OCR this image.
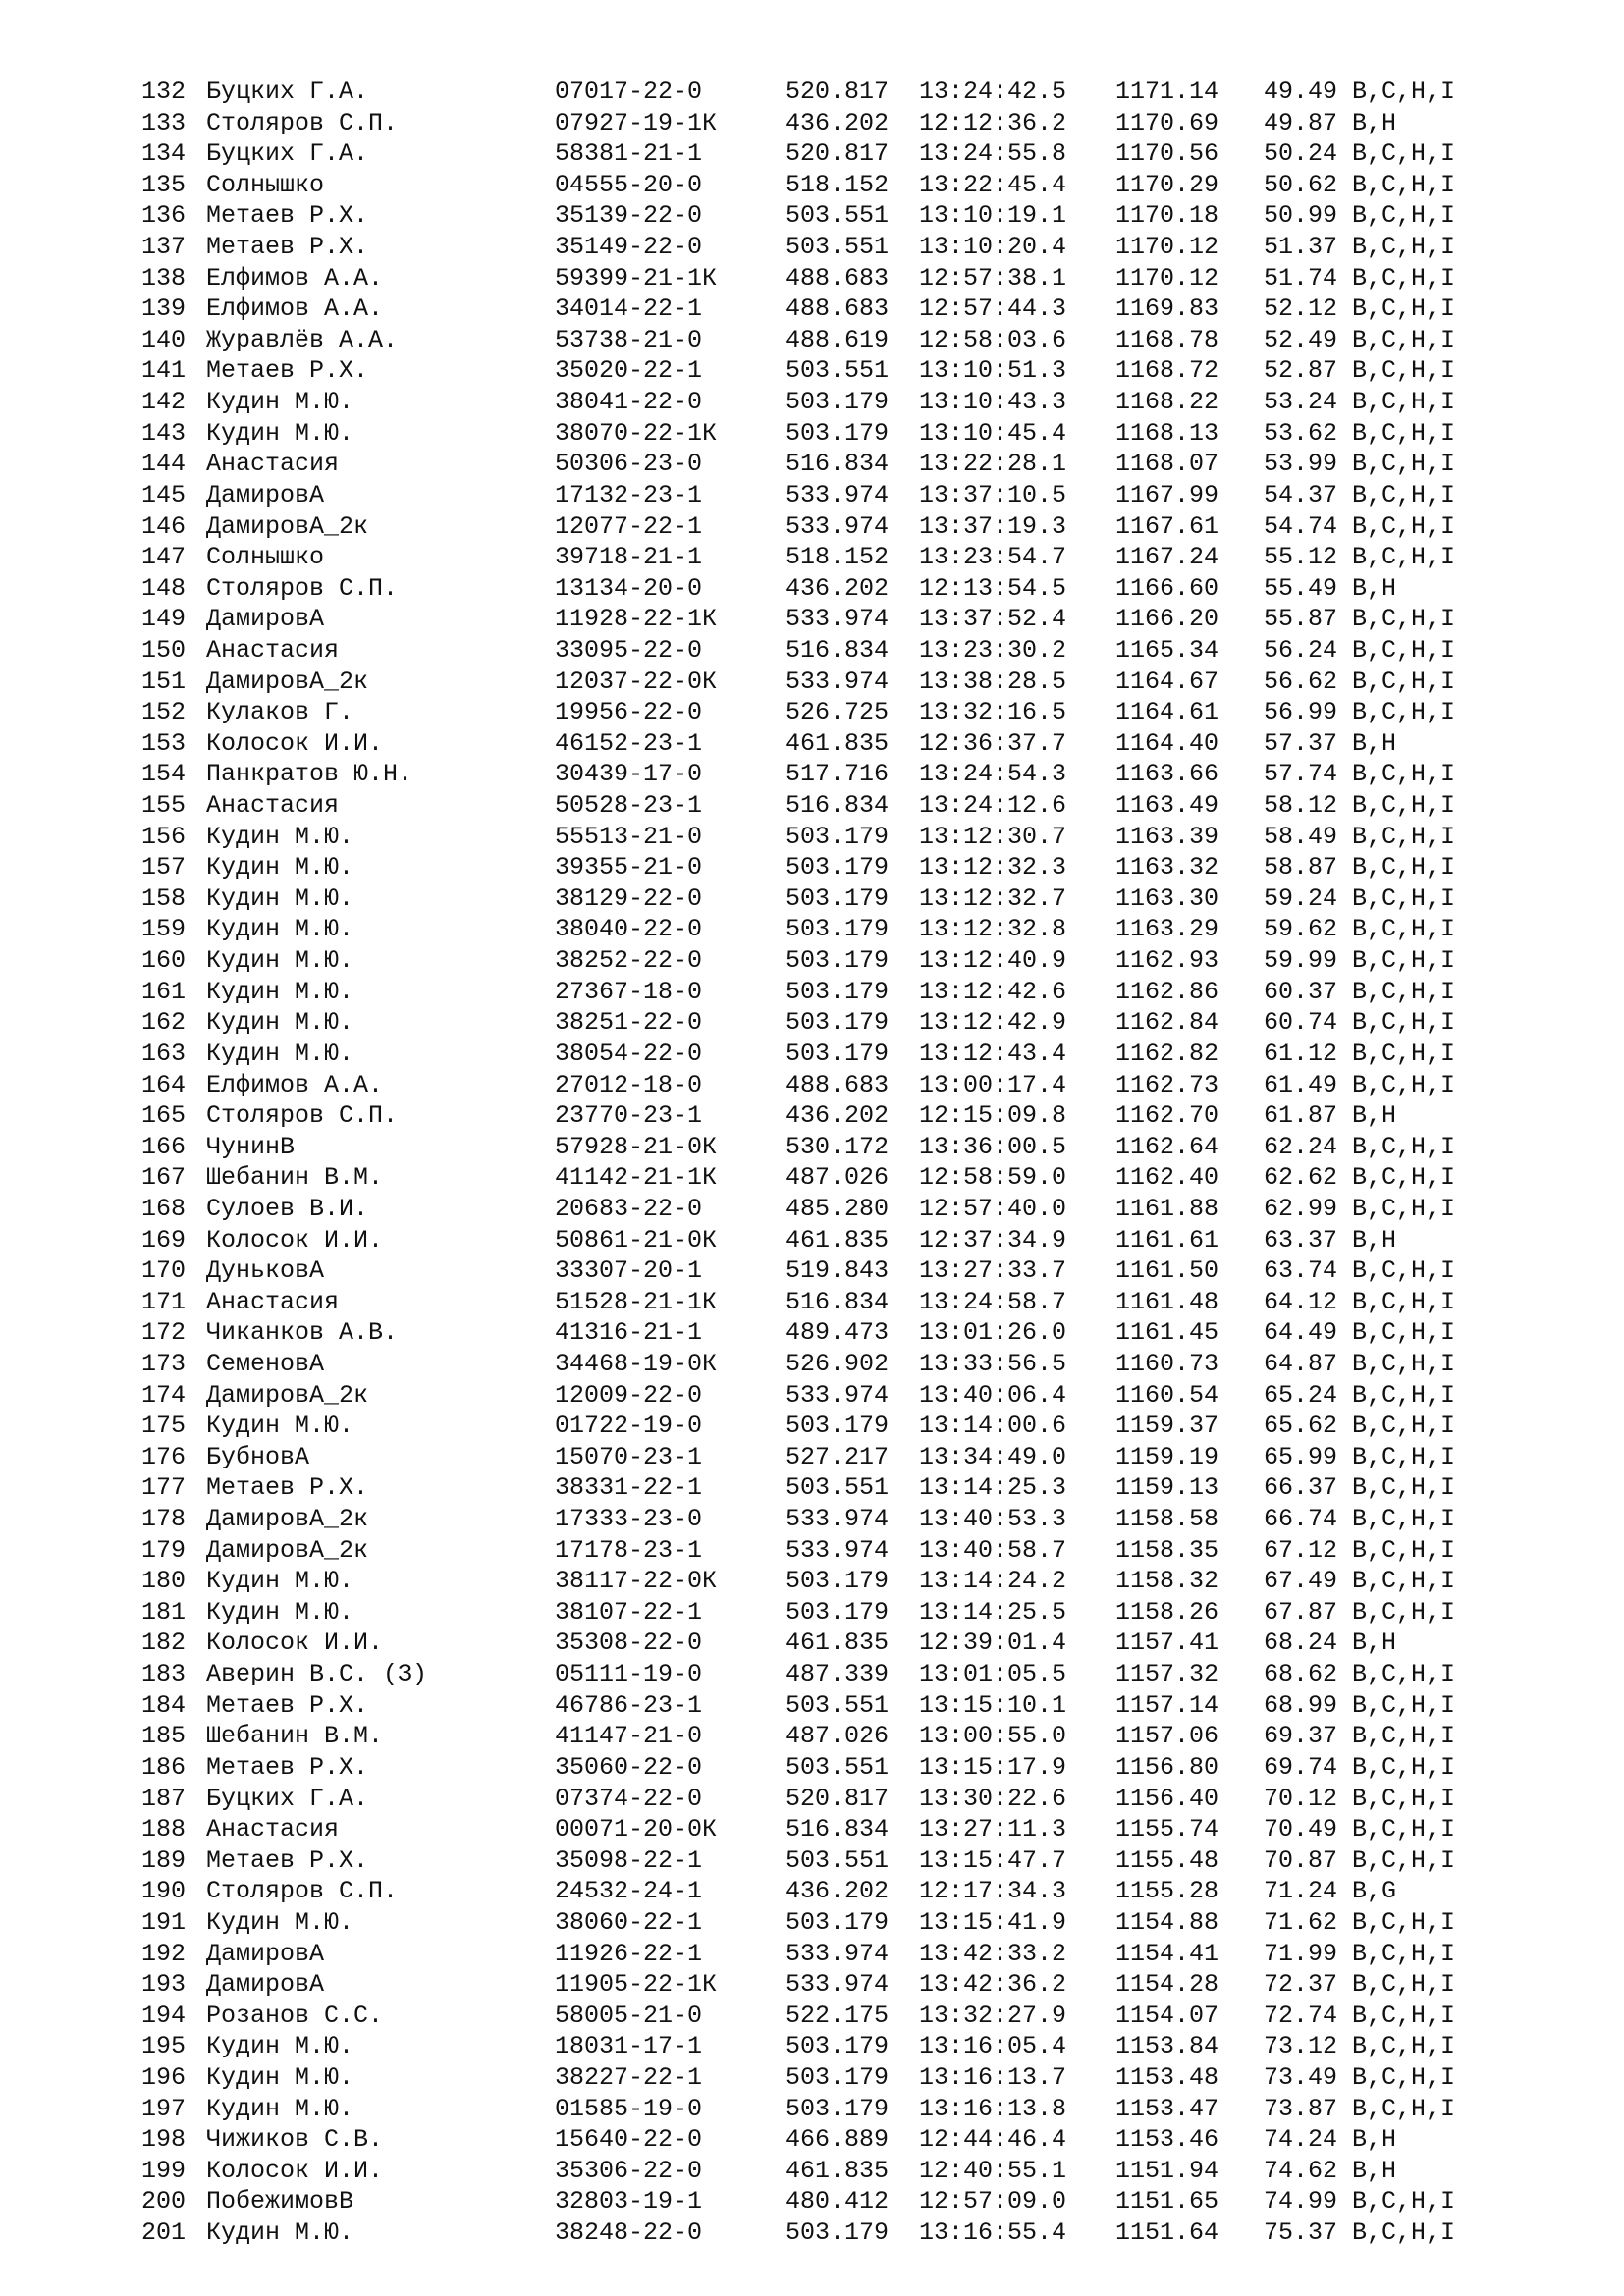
132 Буцких Г.А.	07017-22-0	520.817 13:24:42.5 1171.14 49.49 B,C,H,I
133 Столяров С.П.	07927-19-1К	436.202 12:12:36.2 1170.69 49.87 B,H
134 Буцких Г.А.	58381-21-1	520.817 13:24:55.8 1170.56 50.24 B,C,H,I
135 Солнышко	04555-20-0	518.152 13:22:45.4 1170.29 50.62 B,C,H,I
136 Метаев Р.Х.	35139-22-0	503.551 13:10:19.1 1170.18 50.99 B,C,H,I
137 Метаев Р.Х.	35149-22-0	503.551 13:10:20.4 1170.12 51.37 B,C,H,I
138 Елфимов А.А.	59399-21-1К	488.683 12:57:38.1 1170.12 51.74 B,C,H,I
139 Елфимов А.А.	34014-22-1	488.683 12:57:44.3 1169.83 52.12 B,C,H,I
140 Журавлёв А.А.	53738-21-0	488.619 12:58:03.6 1168.78 52.49 B,C,H,I
141 Метаев Р.Х.	35020-22-1	503.551 13:10:51.3 1168.72 52.87 B,C,H,I
142 Кудин М.Ю.	38041-22-0	503.179 13:10:43.3 1168.22 53.24 B,C,H,I
143 Кудин М.Ю.	38070-22-1К	503.179 13:10:45.4 1168.13 53.62 B,C,H,I
144 Анастасия	50306-23-0	516.834 13:22:28.1 1168.07 53.99 B,C,H,I
145 ДамировА	17132-23-1	533.974 13:37:10.5 1167.99 54.37 B,C,H,I
146 ДамировА_2к	12077-22-1	533.974 13:37:19.3 1167.61 54.74 B,C,H,I
147 Солнышко	39718-21-1	518.152 13:23:54.7 1167.24 55.12 B,C,H,I
148 Столяров С.П.	13134-20-0	436.202 12:13:54.5 1166.60 55.49 B,H
149 ДамировА	11928-22-1К	533.974 13:37:52.4 1166.20 55.87 B,C,H,I
150 Анастасия	33095-22-0	516.834 13:23:30.2 1165.34 56.24 B,C,H,I
151 ДамировА_2к	12037-22-0К	533.974 13:38:28.5 1164.67 56.62 B,C,H,I
152 Кулаков Г.	19956-22-0	526.725 13:32:16.5 1164.61 56.99 B,C,H,I
153 Колосок И.И.	46152-23-1	461.835 12:36:37.7 1164.40 57.37 B,H
154 Панкратов Ю.Н.	30439-17-0	517.716 13:24:54.3 1163.66 57.74 B,C,H,I
155 Анастасия	50528-23-1	516.834 13:24:12.6 1163.49 58.12 B,C,H,I
156 Кудин М.Ю.	55513-21-0	503.179 13:12:30.7 1163.39 58.49 B,C,H,I
157 Кудин М.Ю.	39355-21-0	503.179 13:12:32.3 1163.32 58.87 B,C,H,I
158 Кудин М.Ю.	38129-22-0	503.179 13:12:32.7 1163.30 59.24 B,C,H,I
159 Кудин М.Ю.	38040-22-0	503.179 13:12:32.8 1163.29 59.62 B,C,H,I
160 Кудин М.Ю.	38252-22-0	503.179 13:12:40.9 1162.93 59.99 B,C,H,I
161 Кудин М.Ю.	27367-18-0	503.179 13:12:42.6 1162.86 60.37 B,C,H,I
162 Кудин М.Ю.	38251-22-0	503.179 13:12:42.9 1162.84 60.74 B,C,H,I
163 Кудин М.Ю.	38054-22-0	503.179 13:12:43.4 1162.82 61.12 B,C,H,I
164 Елфимов А.А.	27012-18-0	488.683 13:00:17.4 1162.73 61.49 B,C,H,I
165 Столяров С.П.	23770-23-1	436.202 12:15:09.8 1162.70 61.87 B,H
166 ЧунинВ	57928-21-0К	530.172 13:36:00.5 1162.64 62.24 B,C,H,I
167 Шебанин В.М.	41142-21-1К	487.026 12:58:59.0 1162.40 62.62 B,C,H,I
168 Сулоев В.И.	20683-22-0	485.280 12:57:40.0 1161.88 62.99 B,C,H,I
169 Колосок И.И.	50861-21-0К	461.835 12:37:34.9 1161.61 63.37 B,H
170 ДуньковА	33307-20-1	519.843 13:27:33.7 1161.50 63.74 B,C,H,I
171 Анастасия	51528-21-1К	516.834 13:24:58.7 1161.48 64.12 B,C,H,I
172 Чиканков А.В.	41316-21-1	489.473 13:01:26.0 1161.45 64.49 B,C,H,I
173 СеменовА	34468-19-0К	526.902 13:33:56.5 1160.73 64.87 B,C,H,I
174 ДамировА_2к	12009-22-0	533.974 13:40:06.4 1160.54 65.24 B,C,H,I
175 Кудин М.Ю.	01722-19-0	503.179 13:14:00.6 1159.37 65.62 B,C,H,I
176 БубновА	15070-23-1	527.217 13:34:49.0 1159.19 65.99 B,C,H,I
177 Метаев Р.Х.	38331-22-1	503.551 13:14:25.3 1159.13 66.37 B,C,H,I
178 ДамировА_2к	17333-23-0	533.974 13:40:53.3 1158.58 66.74 B,C,H,I
179 ДамировА_2к	17178-23-1	533.974 13:40:58.7 1158.35 67.12 B,C,H,I
180 Кудин М.Ю.	38117-22-0К	503.179 13:14:24.2 1158.32 67.49 B,C,H,I
181 Кудин М.Ю.	38107-22-1	503.179 13:14:25.5 1158.26 67.87 B,C,H,I
182 Колосок И.И.	35308-22-0	461.835 12:39:01.4 1157.41 68.24 B,H
183 Аверин В.С. (З)	05111-19-0	487.339 13:01:05.5 1157.32 68.62 B,C,H,I
184 Метаев Р.Х.	46786-23-1	503.551 13:15:10.1 1157.14 68.99 B,C,H,I
185 Шебанин В.М.	41147-21-0	487.026 13:00:55.0 1157.06 69.37 B,C,H,I
186 Метаев Р.Х.	35060-22-0	503.551 13:15:17.9 1156.80 69.74 B,C,H,I
187 Буцких Г.А.	07374-22-0	520.817 13:30:22.6 1156.40 70.12 B,C,H,I
188 Анастасия	00071-20-0К	516.834 13:27:11.3 1155.74 70.49 B,C,H,I
189 Метаев Р.Х.	35098-22-1	503.551 13:15:47.7 1155.48 70.87 B,C,H,I
190 Столяров С.П.	24532-24-1	436.202 12:17:34.3 1155.28 71.24 B,G
191 Кудин М.Ю.	38060-22-1	503.179 13:15:41.9 1154.88 71.62 B,C,H,I
192 ДамировА	11926-22-1	533.974 13:42:33.2 1154.41 71.99 B,C,H,I
193 ДамировА	11905-22-1К	533.974 13:42:36.2 1154.28 72.37 B,C,H,I
194 Розанов С.С.	58005-21-0	522.175 13:32:27.9 1154.07 72.74 B,C,H,I
195 Кудин М.Ю.	18031-17-1	503.179 13:16:05.4 1153.84 73.12 B,C,H,I
196 Кудин М.Ю.	38227-22-1	503.179 13:16:13.7 1153.48 73.49 B,C,H,I
197 Кудин М.Ю.	01585-19-0	503.179 13:16:13.8 1153.47 73.87 B,C,H,I
198 Чижиков С.В.	15640-22-0	466.889 12:44:46.4 1153.46 74.24 B,H
199 Колосок И.И.	35306-22-0	461.835 12:40:55.1 1151.94 74.62 B,H
200 ПобежимовВ	32803-19-1	480.412 12:57:09.0 1151.65 74.99 B,C,H,I
201 Кудин М.Ю.	38248-22-0	503.179 13:16:55.4 1151.64 75.37 B,C,H,I
